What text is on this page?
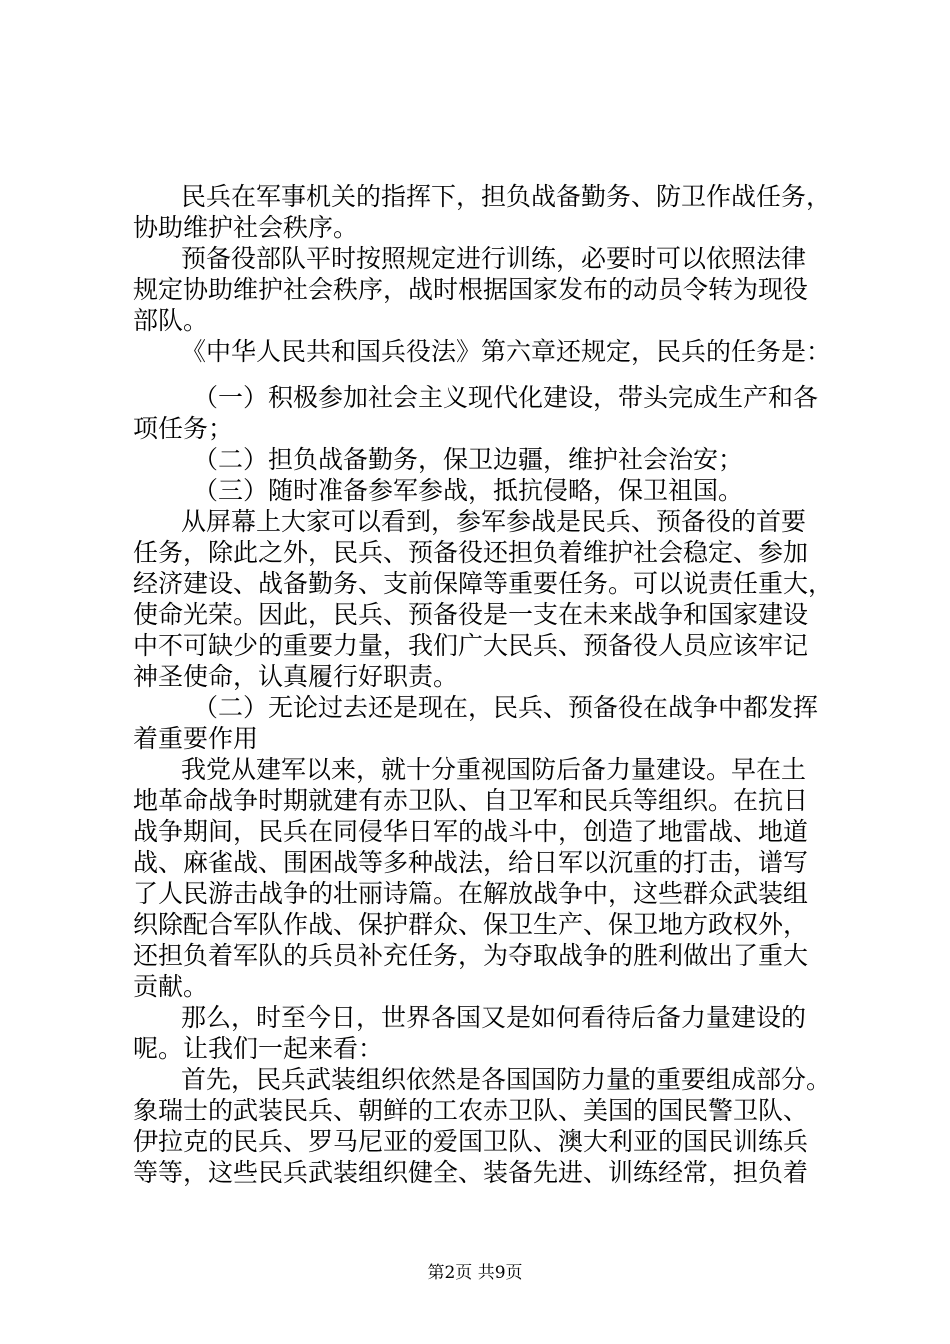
民兵在军事机关的指挥下，担负战备勤务、防卫作战任务，
协助维护社会秩序。
预备役部队平时按照规定进行训练，必要时可以依照法律
规定协助维护社会秩序，战时根据国家发布的动员令转为现役
部队。
《中华人民共和国兵役法》第六章还规定，民兵的任务是：
（一）积极参加社会主义现代化建设，带头完成生产和各
项任务；
（二）担负战备勤务，保卫边疆，维护社会治安；
（三）随时准备参军参战，抵抗侵略，保卫祖国。
从屏幕上大家可以看到，参军参战是民兵、预备役的首要
任务，除此之外，民兵、预备役还担负着维护社会稳定、参加
经济建设、战备勤务、支前保障等重要任务。可以说责任重大，
使命光荣。因此，民兵、预备役是一支在未来战争和国家建设
中不可缺少的重要力量，我们广大民兵、预备役人员应该牢记
神圣使命，认真履行好职责。
（二）无论过去还是现在，民兵、预备役在战争中都发挥
着重要作用
我党从建军以来，就十分重视国防后备力量建设。早在土
地革命战争时期就建有赤卫队、自卫军和民兵等组织。在抗日
战争期间，民兵在同侵华日军的战斗中，创造了地雷战、地道
战、麻雀战、围困战等多种战法，给日军以沉重的打击，谱写
了人民游击战争的壮丽诗篇。在解放战争中，这些群众武装组
织除配合军队作战、保护群众、保卫生产、保卫地方政权外，
还担负着军队的兵员补充任务，为夺取战争的胜利做出了重大
贡献。
那么，时至今日，世界各国又是如何看待后备力量建设的
呢。让我们一起来看：
首先，民兵武装组织依然是各国国防力量的重要组成部分。
象瑞士的武装民兵、朝鲜的工农赤卫队、美国的国民警卫队、
伊拉克的民兵、罗马尼亚的爱国卫队、澳大利亚的国民训练兵
等等，这些民兵武装组织健全、装备先进、训练经常，担负着
第2页 共9页
